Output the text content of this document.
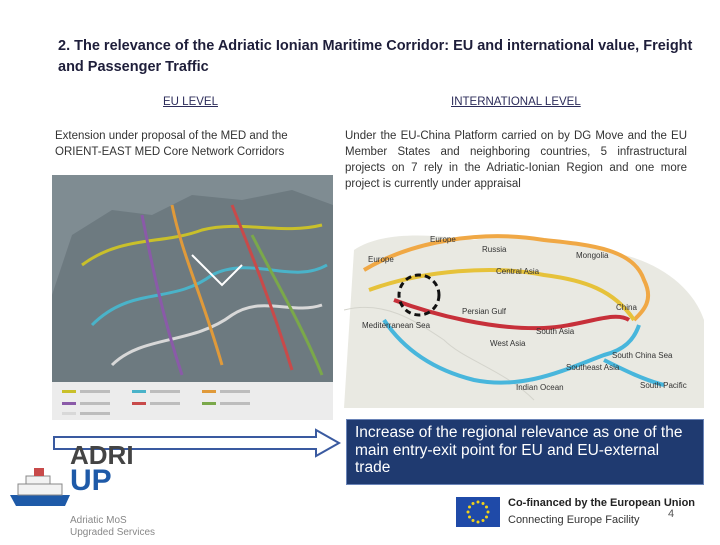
2. The relevance of the Adriatic Ionian Maritime Corridor: EU and international value, Freight and Passenger Traffic
EU LEVEL	INTERNATIONAL LEVEL
Extension under proposal of the MED and the ORIENT-EAST MED Core Network Corridors
Under the EU-China Platform carried on by DG Move and the EU Member States and neighboring countries, 5 infrastructural projects on 7 rely in the Adriatic-Ionian Region and one more project is currently under appraisal
Europe
Russia
Mongolia
Europe
Central Asia
China
Persian Gulf
Mediterranean Sea
West Asia
South Asia
Southeast Asia
South China Sea
Indian Ocean	South Pacific
Increase of the regional relevance as one of the main entry-exit point for EU and EU-external trade
ADRI
UP
Adriatic MoS
Upgraded Services
Co-financed by the European Union
Connecting Europe Facility	4
